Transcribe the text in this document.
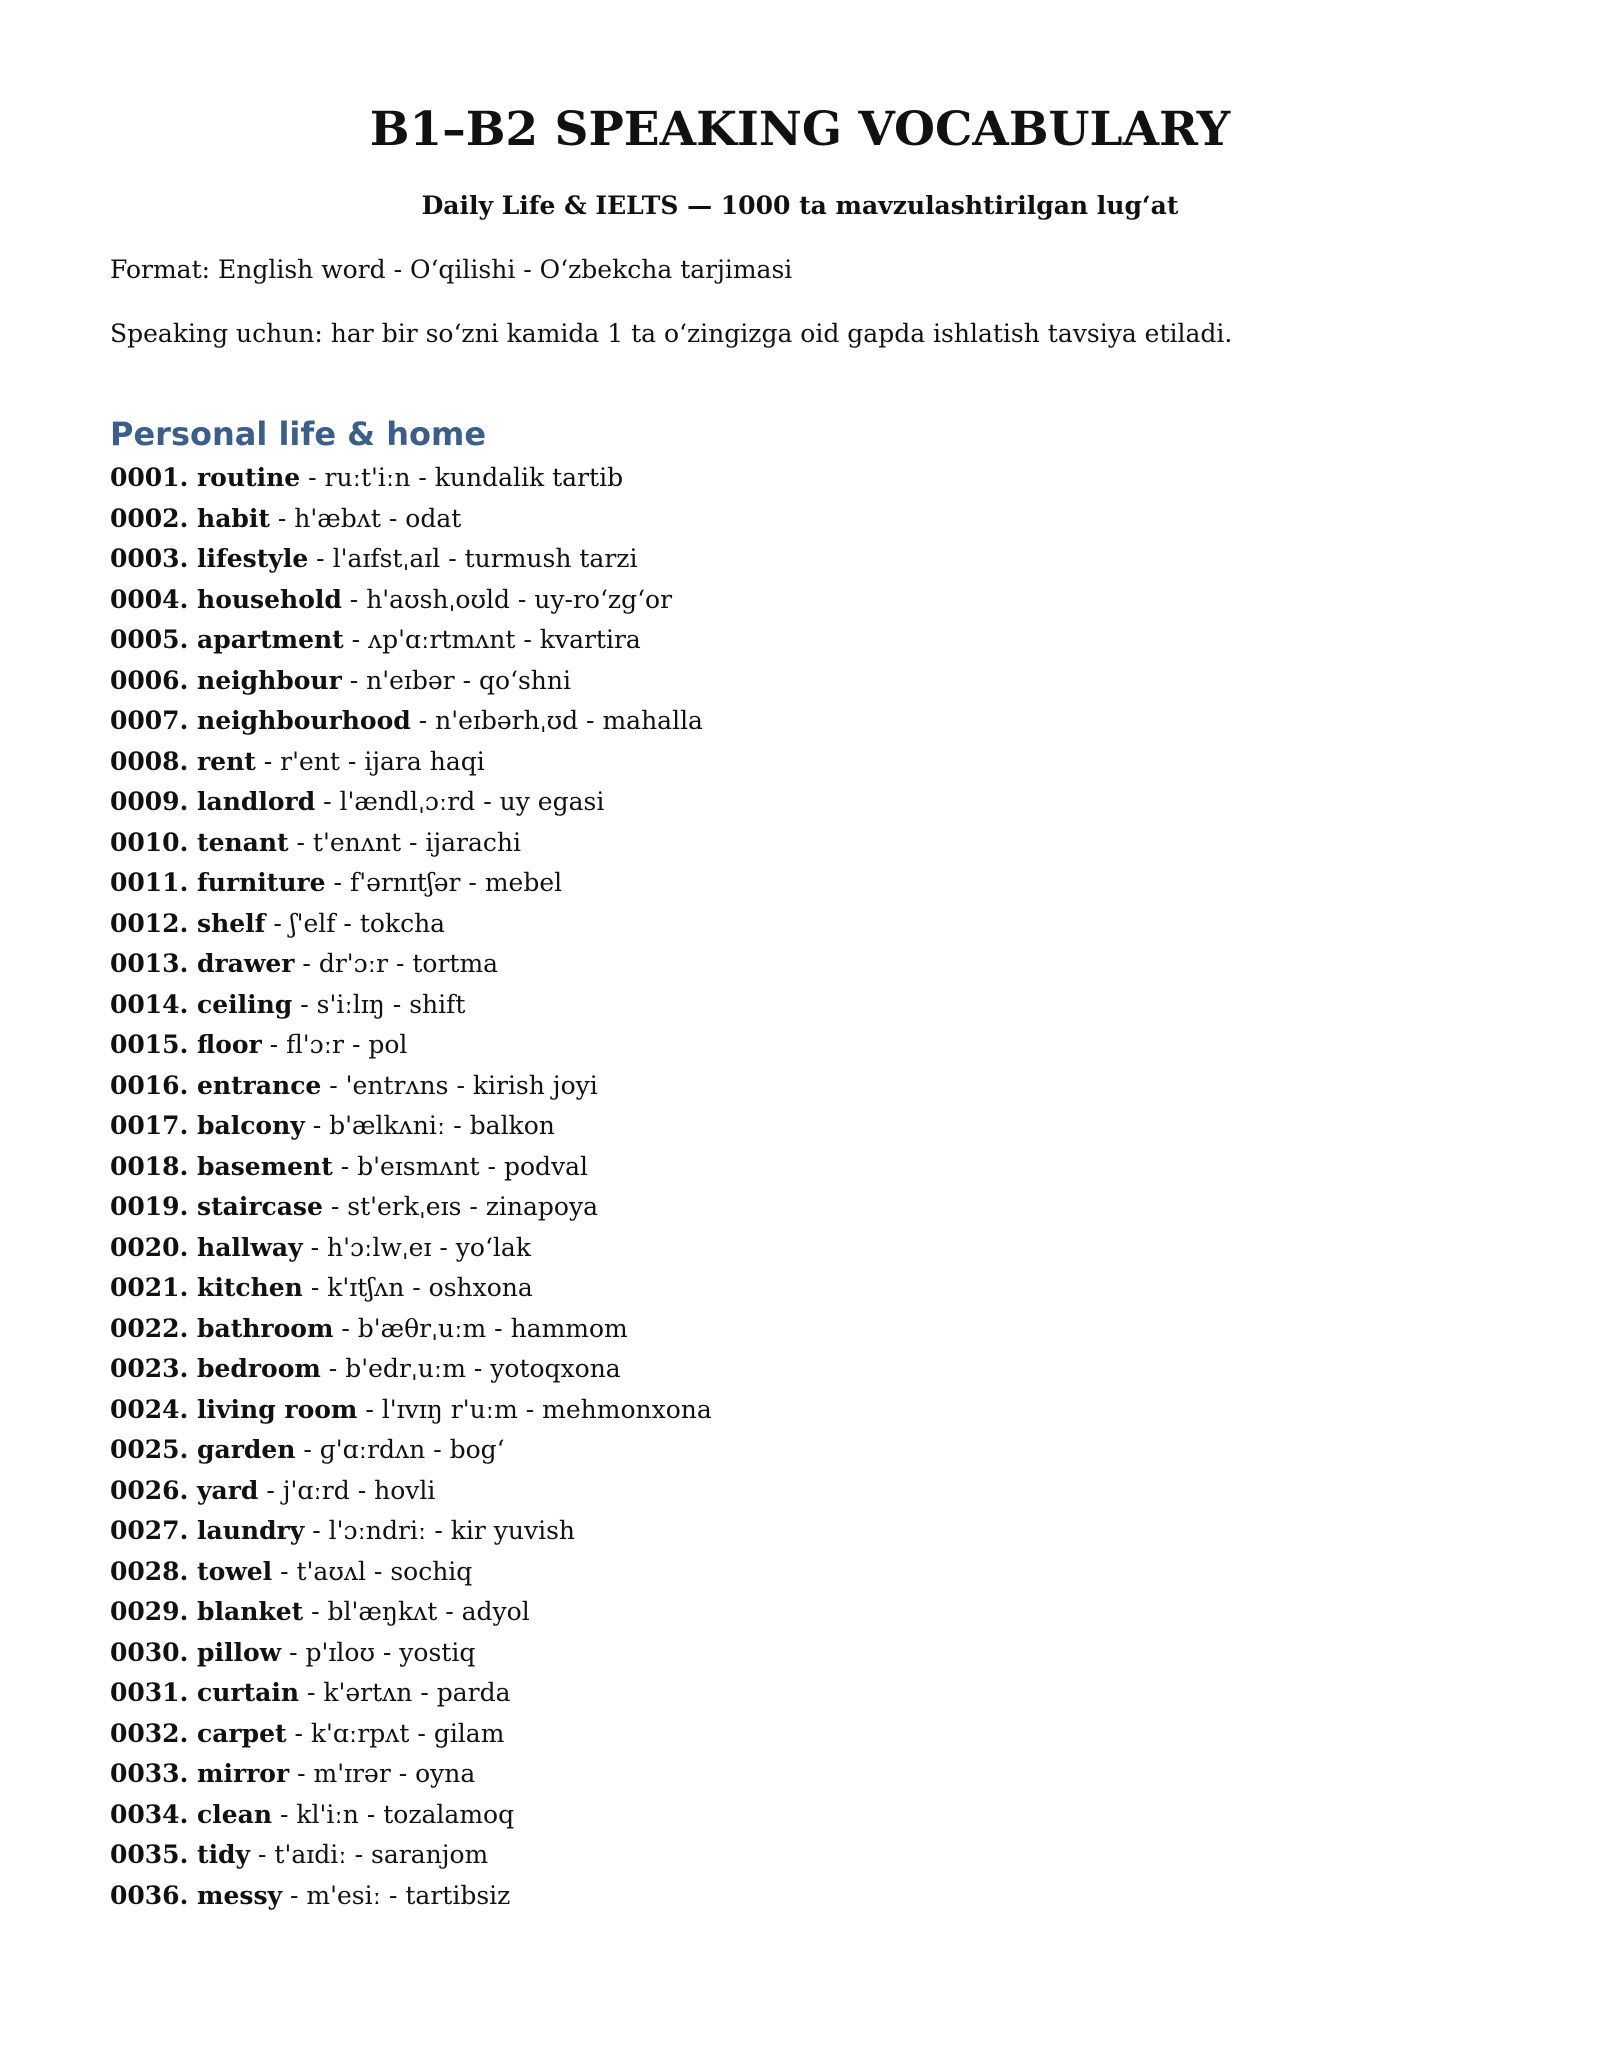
B1–B2 SPEAKING VOCABULARY
Daily Life & IELTS — 1000 ta mavzulashtirilgan lug‘at

Format: English word - O‘qilishi - O‘zbekcha tarjimasi

Speaking uchun: har bir so‘zni kamida 1 ta o‘zingizga oid gapda ishlatish tavsiya etiladi.

Personal life & home
0001. routine - ruːt'iːn - kundalik tartib
0002. habit - h'æbʌt - odat
0003. lifestyle - l'aɪfstˌaɪl - turmush tarzi
0004. household - h'aʊshˌoʊld - uy-ro‘zg‘or
0005. apartment - ʌp'ɑːrtmʌnt - kvartira
0006. neighbour - n'eɪbər - qo‘shni
0007. neighbourhood - n'eɪbərhˌʊd - mahalla
0008. rent - r'ent - ijara haqi
0009. landlord - l'ændlˌɔːrd - uy egasi
0010. tenant - t'enʌnt - ijarachi
0011. furniture - f'ərnɪtʃər - mebel
0012. shelf - ʃ'elf - tokcha
0013. drawer - dr'ɔːr - tortma
0014. ceiling - s'iːlɪŋ - shift
0015. floor - fl'ɔːr - pol
0016. entrance - 'entrʌns - kirish joyi
0017. balcony - b'ælkʌniː - balkon
0018. basement - b'eɪsmʌnt - podval
0019. staircase - st'erkˌeɪs - zinapoya
0020. hallway - h'ɔːlwˌeɪ - yo‘lak
0021. kitchen - k'ɪtʃʌn - oshxona
0022. bathroom - b'æθrˌuːm - hammom
0023. bedroom - b'edrˌuːm - yotoqxona
0024. living room - l'ɪvɪŋ r'uːm - mehmonxona
0025. garden - ɡ'ɑːrdʌn - bog‘
0026. yard - j'ɑːrd - hovli
0027. laundry - l'ɔːndriː - kir yuvish
0028. towel - t'aʊʌl - sochiq
0029. blanket - bl'æŋkʌt - adyol
0030. pillow - p'ɪloʊ - yostiq
0031. curtain - k'ərtʌn - parda
0032. carpet - k'ɑːrpʌt - gilam
0033. mirror - m'ɪrər - oyna
0034. clean - kl'iːn - tozalamoq
0035. tidy - t'aɪdiː - saranjom
0036. messy - m'esiː - tartibsiz
